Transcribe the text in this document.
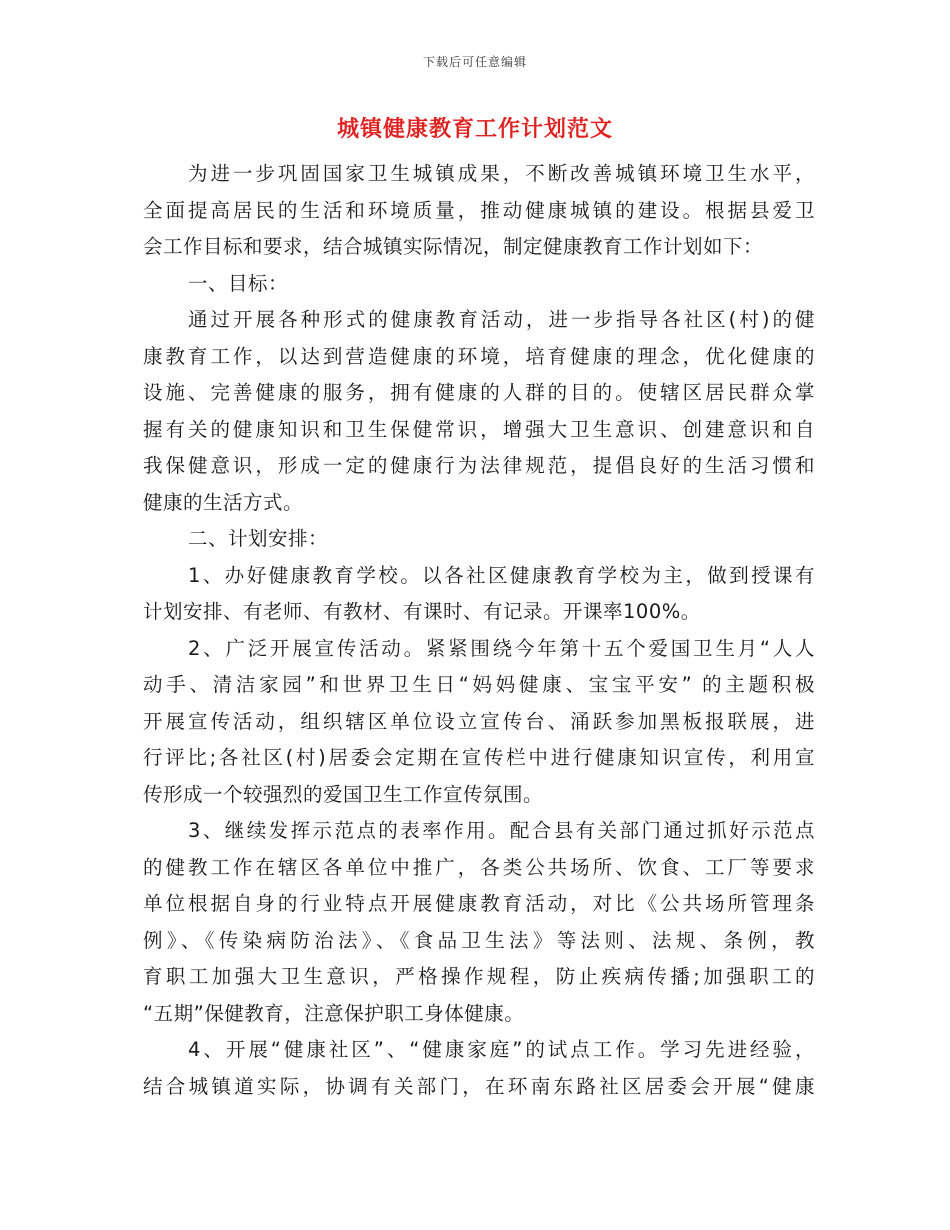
下载后可任意编辑
城镇健康教育工作计划范文
为进一步巩固国家卫生城镇成果，不断改善城镇环境卫生水平，
全面提高居民的生活和环境质量，推动健康城镇的建设。根据县爱卫
会工作目标和要求，结合城镇实际情况，制定健康教育工作计划如下：
一、目标：
通过开展各种形式的健康教育活动，进一步指导各社区(村)的健
康教育工作，以达到营造健康的环境，培育健康的理念，优化健康的
设施、完善健康的服务，拥有健康的人群的目的。使辖区居民群众掌
握有关的健康知识和卫生保健常识，增强大卫生意识、创建意识和自
我保健意识，形成一定的健康行为法律规范，提倡良好的生活习惯和
健康的生活方式。
二、计划安排：
1、办好健康教育学校。以各社区健康教育学校为主，做到授课有
计划安排、有老师、有教材、有课时、有记录。开课率100%。
2、广泛开展宣传活动。紧紧围绕今年第十五个爱国卫生月“人人
动手、清洁家园”和世界卫生日“妈妈健康、宝宝平安” 的主题积极
开展宣传活动，组织辖区单位设立宣传台、涌跃参加黑板报联展，进
行评比;各社区(村)居委会定期在宣传栏中进行健康知识宣传，利用宣
传形成一个较强烈的爱国卫生工作宣传氛围。
3、继续发挥示范点的表率作用。配合县有关部门通过抓好示范点
的健教工作在辖区各单位中推广，各类公共场所、饮食、工厂等要求
单位根据自身的行业特点开展健康教育活动，对比《公共场所管理条
例》、《传染病防治法》、《食品卫生法》等法则、法规、条例，教
育职工加强大卫生意识，严格操作规程，防止疾病传播;加强职工的
“五期”保健教育，注意保护职工身体健康。
4、开展“健康社区”、“健康家庭”的试点工作。学习先进经验，
结合城镇道实际，协调有关部门，在环南东路社区居委会开展“健康
